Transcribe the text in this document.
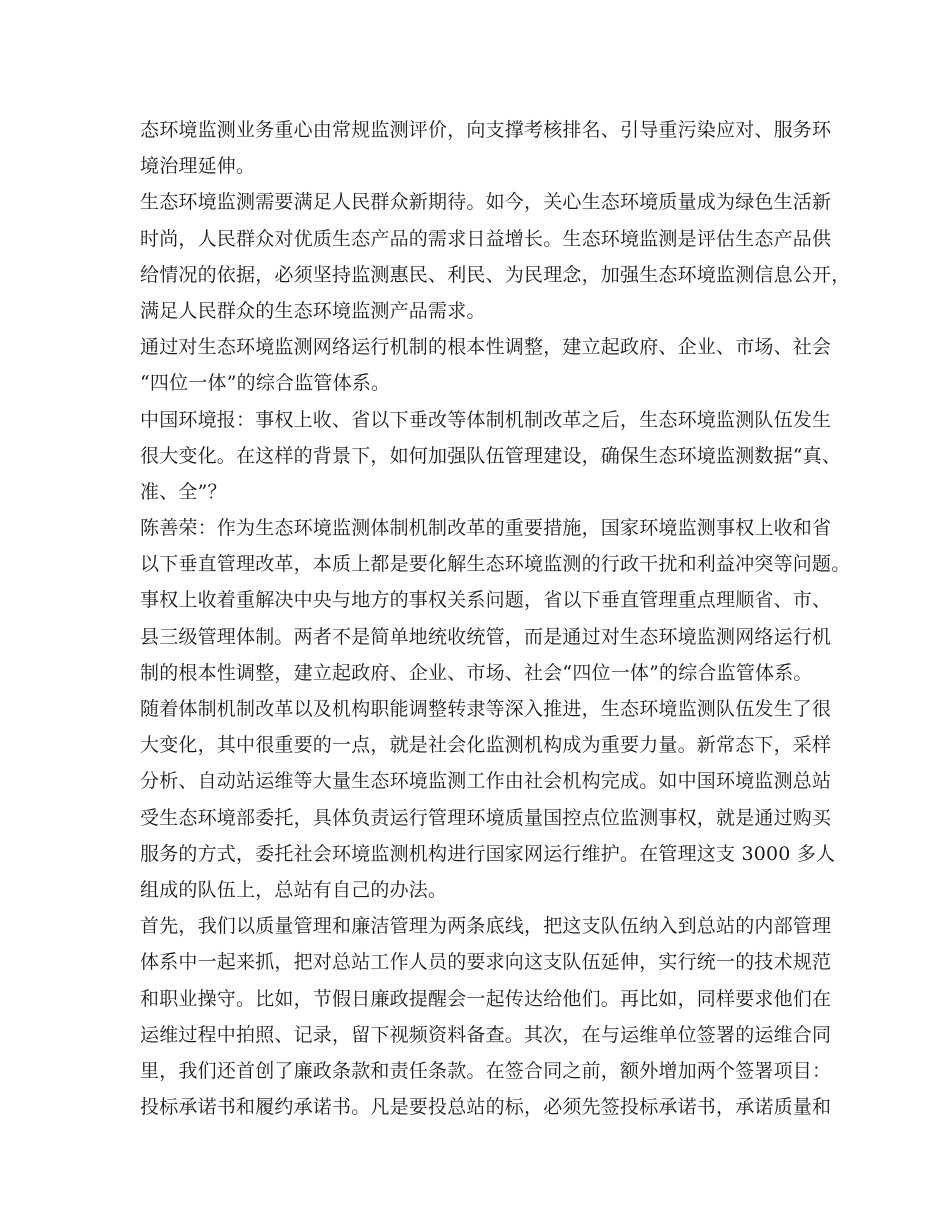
态环境监测业务重心由常规监测评价，向支撑考核排名、引导重污染应对、服务环
境治理延伸。
生态环境监测需要满足人民群众新期待。如今，关心生态环境质量成为绿色生活新
时尚，人民群众对优质生态产品的需求日益增长。生态环境监测是评估生态产品供
给情况的依据，必须坚持监测惠民、利民、为民理念，加强生态环境监测信息公开，
满足人民群众的生态环境监测产品需求。
通过对生态环境监测网络运行机制的根本性调整，建立起政府、企业、市场、社会
“四位一体”的综合监管体系。
中国环境报：事权上收、省以下垂改等体制机制改革之后，生态环境监测队伍发生
很大变化。在这样的背景下，如何加强队伍管理建设，确保生态环境监测数据“真、
准、全”？
陈善荣：作为生态环境监测体制机制改革的重要措施，国家环境监测事权上收和省
以下垂直管理改革，本质上都是要化解生态环境监测的行政干扰和利益冲突等问题。
事权上收着重解决中央与地方的事权关系问题，省以下垂直管理重点理顺省、市、
县三级管理体制。两者不是简单地统收统管，而是通过对生态环境监测网络运行机
制的根本性调整，建立起政府、企业、市场、社会“四位一体”的综合监管体系。
随着体制机制改革以及机构职能调整转隶等深入推进，生态环境监测队伍发生了很
大变化，其中很重要的一点，就是社会化监测机构成为重要力量。新常态下，采样
分析、自动站运维等大量生态环境监测工作由社会机构完成。如中国环境监测总站
受生态环境部委托，具体负责运行管理环境质量国控点位监测事权，就是通过购买
服务的方式，委托社会环境监测机构进行国家网运行维护。在管理这支 3000 多人
组成的队伍上，总站有自己的办法。
首先，我们以质量管理和廉洁管理为两条底线，把这支队伍纳入到总站的内部管理
体系中一起来抓，把对总站工作人员的要求向这支队伍延伸，实行统一的技术规范
和职业操守。比如，节假日廉政提醒会一起传达给他们。再比如，同样要求他们在
运维过程中拍照、记录，留下视频资料备查。其次，在与运维单位签署的运维合同
里，我们还首创了廉政条款和责任条款。在签合同之前，额外增加两个签署项目：
投标承诺书和履约承诺书。凡是要投总站的标，必须先签投标承诺书，承诺质量和
